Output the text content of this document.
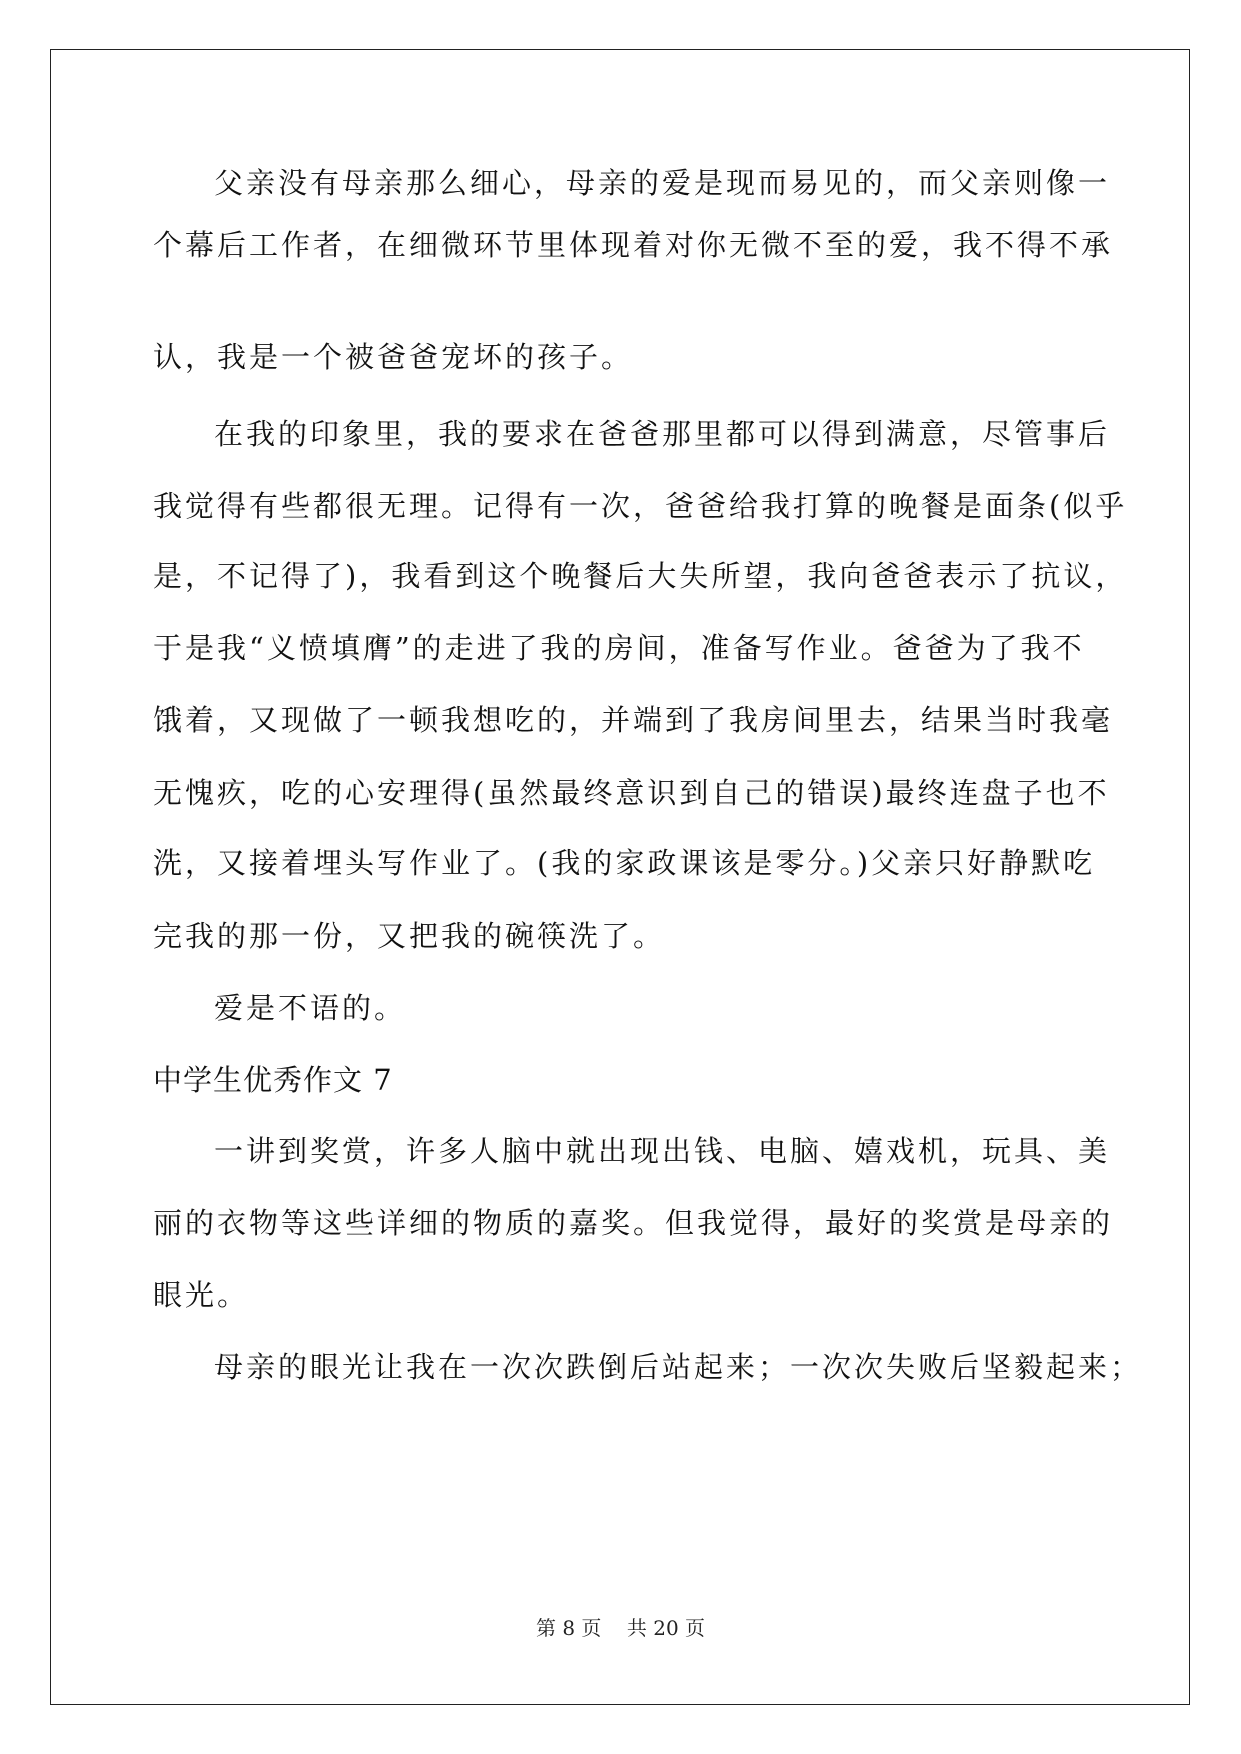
父亲没有母亲那么细心，母亲的爱是现而易见的，而父亲则像一
个幕后工作者，在细微环节里体现着对你无微不至的爱，我不得不承
认，我是一个被爸爸宠坏的孩子。
在我的印象里，我的要求在爸爸那里都可以得到满意，尽管事后
我觉得有些都很无理。记得有一次，爸爸给我打算的晚餐是面条(似乎
是，不记得了)，我看到这个晚餐后大失所望，我向爸爸表示了抗议，
于是我“义愤填膺”的走进了我的房间，准备写作业。爸爸为了我不
饿着，又现做了一顿我想吃的，并端到了我房间里去，结果当时我毫
无愧疚，吃的心安理得(虽然最终意识到自己的错误)最终连盘子也不
洗，又接着埋头写作业了。(我的家政课该是零分。)父亲只好静默吃
完我的那一份，又把我的碗筷洗了。
爱是不语的。
中学生优秀作文 7
一讲到奖赏，许多人脑中就出现出钱、电脑、嬉戏机，玩具、美
丽的衣物等这些详细的物质的嘉奖。但我觉得，最好的奖赏是母亲的
眼光。
母亲的眼光让我在一次次跌倒后站起来；一次次失败后坚毅起来；
第 8 页 共 20 页
